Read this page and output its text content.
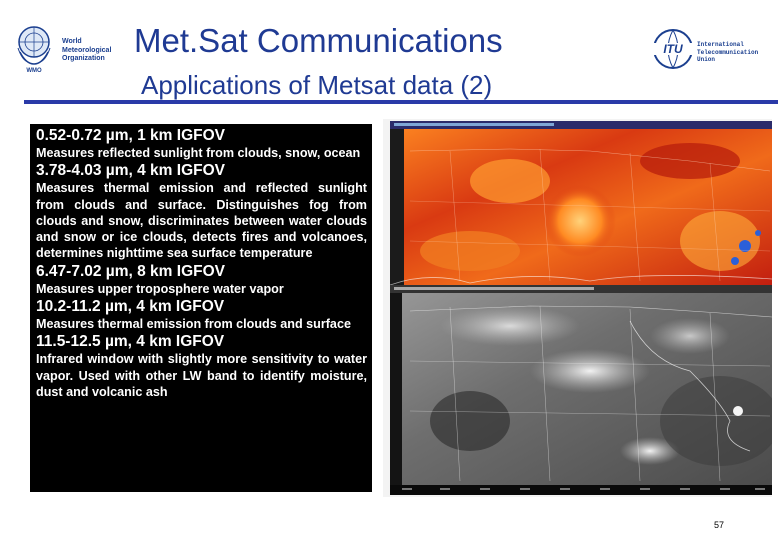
WMO
World
Meteorological
Organization Met.Sat Communications
Applications of Metsat data (2)
ITU International
Telecommunication
Union
0.52-0.72 µm, 1 km IGFOV
Measures reflected sunlight from clouds, snow, ocean
3.78-4.03 µm, 4 km IGFOV
Measures thermal emission and reflected sunlight from clouds and surface. Distinguishes fog from clouds and snow, discriminates between water clouds and snow or ice clouds, detects fires and volcanoes, determines nighttime sea surface temperature
6.47-7.02 µm, 8 km IGFOV
Measures upper troposphere water vapor
10.2-11.2 µm, 4 km IGFOV
Measures thermal emission from clouds and surface
11.5-12.5 µm, 4 km IGFOV
Infrared window with slightly more sensitivity to water vapor. Used with other LW band to identify moisture, dust and volcanic ash
57
